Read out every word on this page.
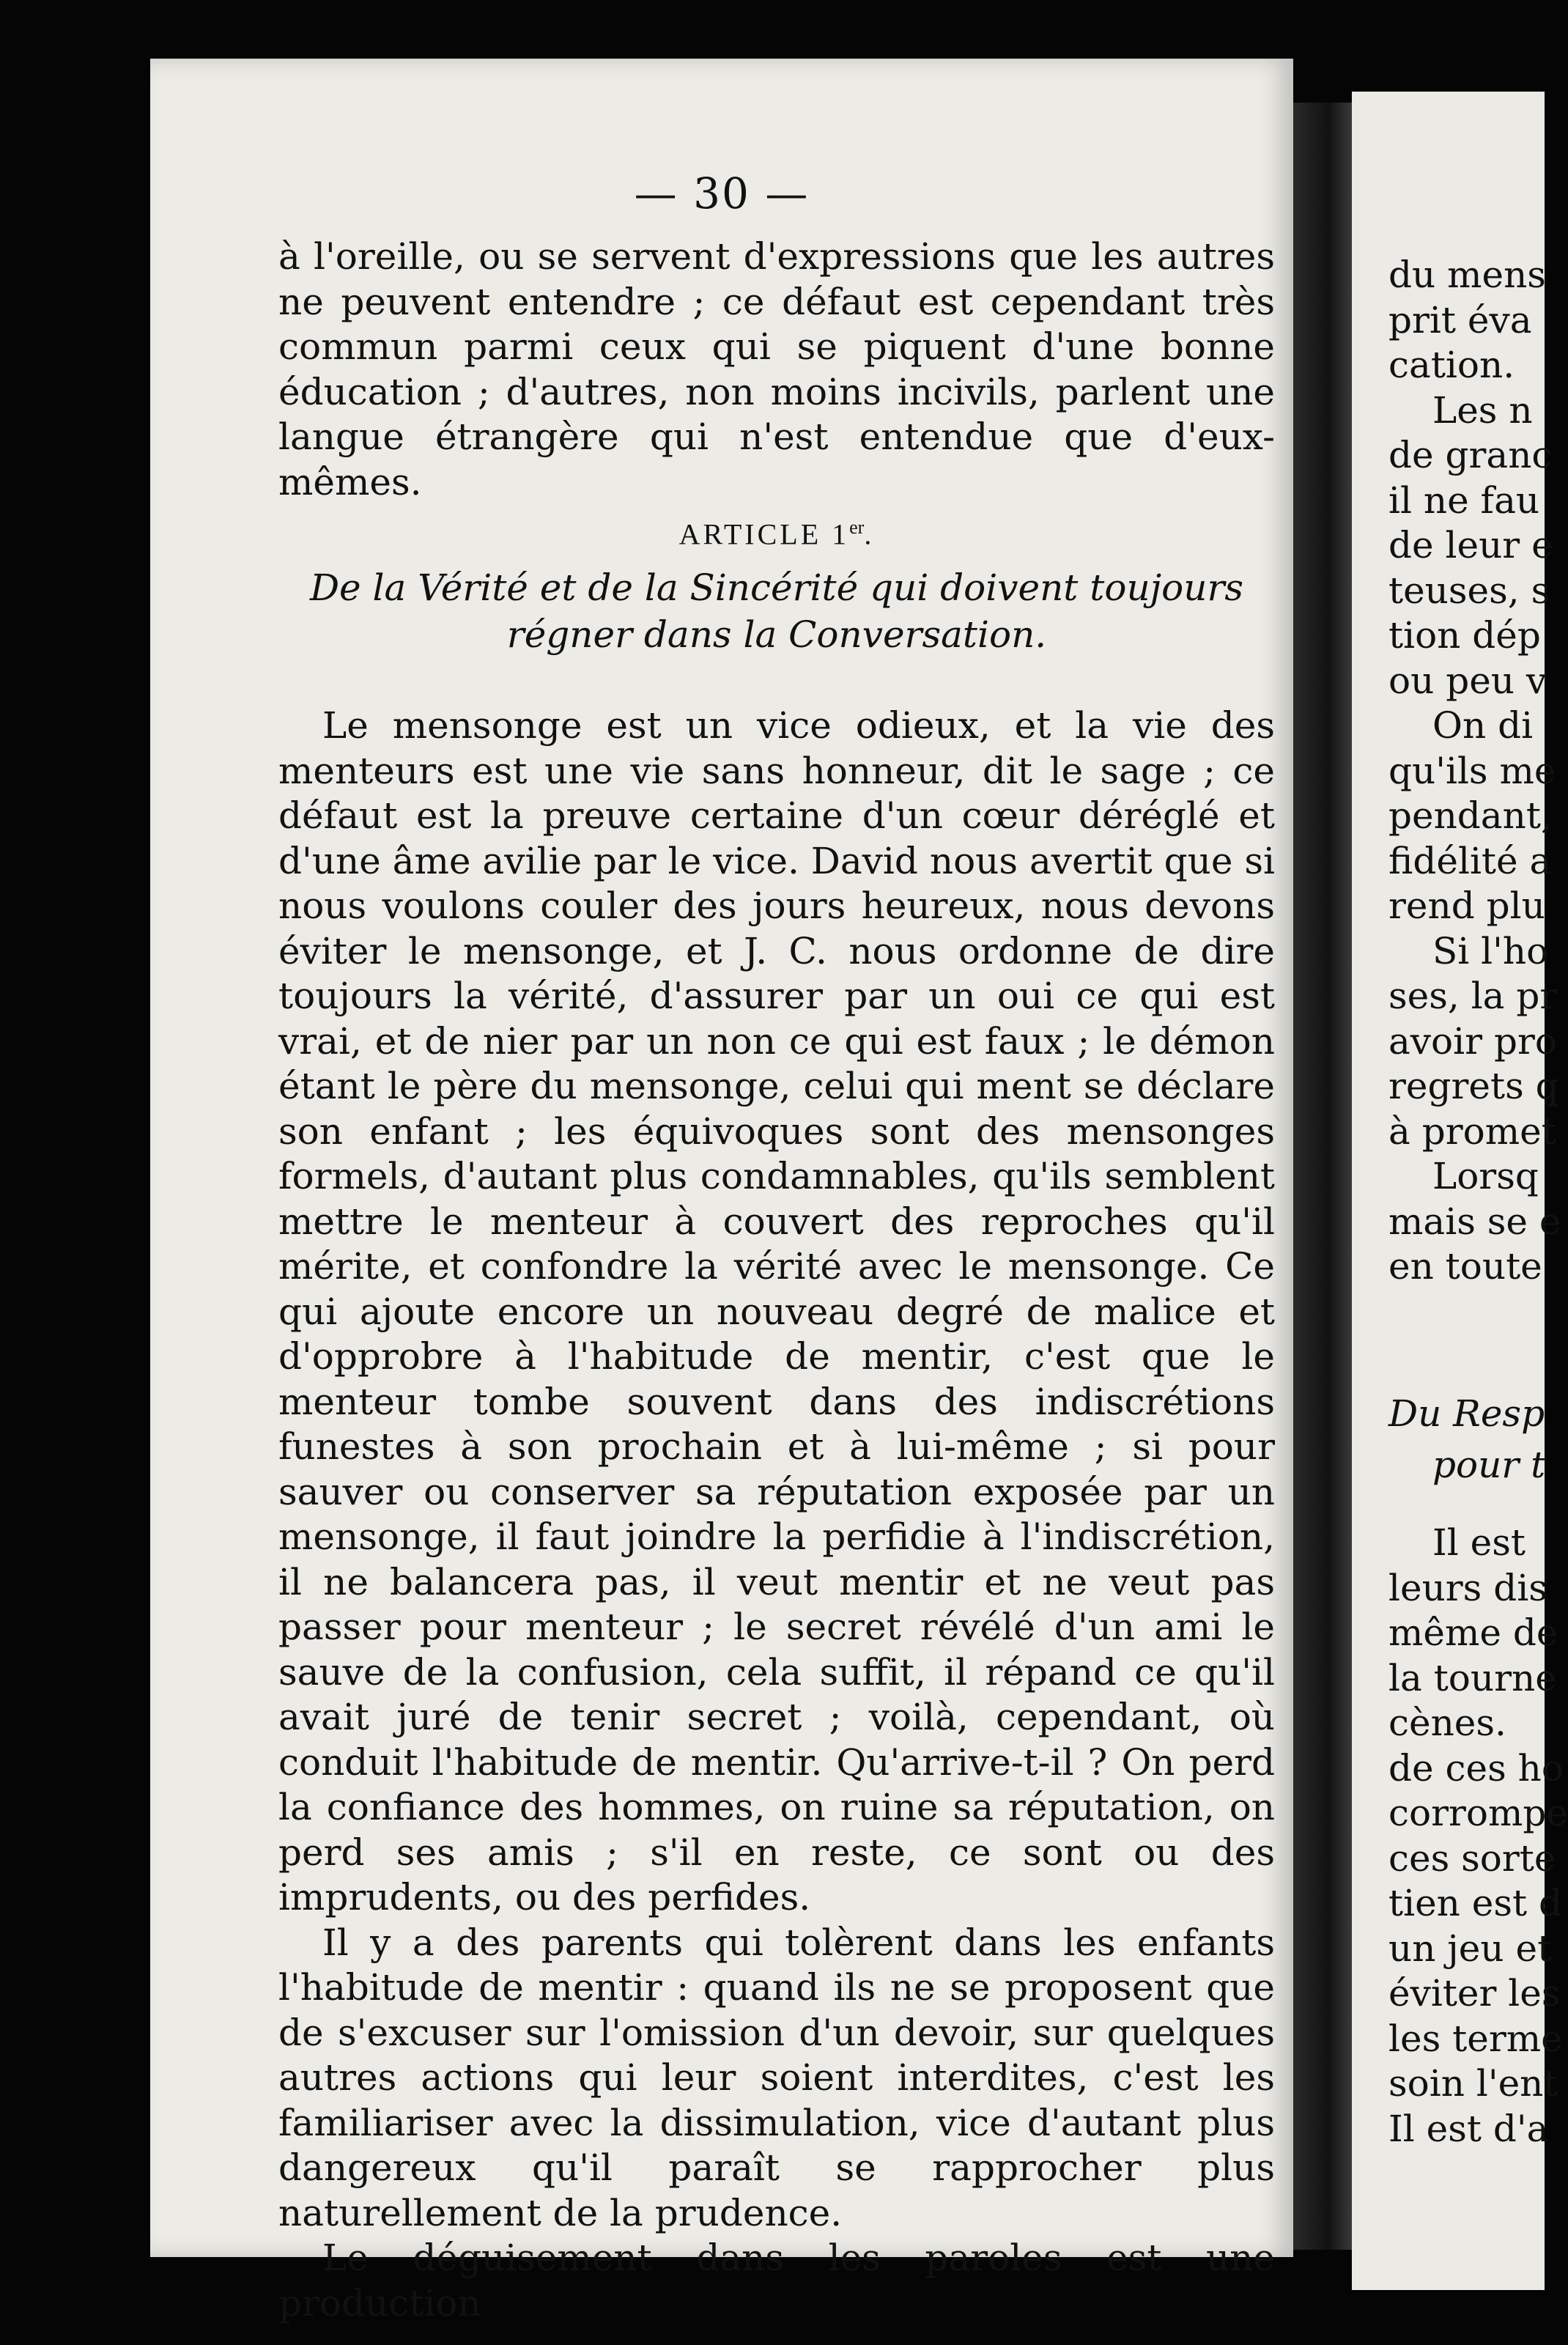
— 30 —

à l'oreille, ou se servent d'expressions que les autres ne peuvent entendre ; ce défaut est cependant très commun parmi ceux qui se piquent d'une bonne éducation ; d'autres, non moins incivils, parlent une langue étrangère qui n'est entendue que d'eux-mêmes.

ARTICLE 1er.
De la Vérité et de la Sincérité qui doivent toujours régner dans la Conversation.

Le mensonge est un vice odieux, et la vie des menteurs est une vie sans honneur, dit le sage ; ce défaut est la preuve certaine d'un cœur déréglé et d'une âme avilie par le vice. David nous avertit que si nous voulons couler des jours heureux, nous devons éviter le mensonge, et J. C. nous ordonne de dire toujours la vérité, d'assurer par un oui ce qui est vrai, et de nier par un non ce qui est faux ; le démon étant le père du mensonge, celui qui ment se déclare son enfant ; les équivoques sont des mensonges formels, d'autant plus condamnables, qu'ils semblent mettre le menteur à couvert des reproches qu'il mérite, et confondre la vérité avec le mensonge. Ce qui ajoute encore un nouveau degré de malice et d'opprobre à l'habitude de mentir, c'est que le menteur tombe souvent dans des indiscrétions funestes à son prochain et à lui-même ; si pour sauver ou conserver sa réputation exposée par un mensonge, il faut joindre la perfidie à l'indiscrétion, il ne balancera pas, il veut mentir et ne veut pas passer pour menteur ; le secret révélé d'un ami le sauve de la confusion, cela suffit, il répand ce qu'il avait juré de tenir secret ; voilà, cependant, où conduit l'habitude de mentir. Qu'arrive-t-il ? On perd la confiance des hommes, on ruine sa réputation, on perd ses amis ; s'il en reste, ce sont ou des imprudents, ou des perfides.

Il y a des parents qui tolèrent dans les enfants l'habitude de mentir : quand ils ne se proposent que de s'excuser sur l'omission d'un devoir, sur quelques autres actions qui leur soient interdites, c'est les familiariser avec la dissimulation, vice d'autant plus dangereux qu'il paraît se rapprocher plus naturellement de la prudence.

Le déguisement dans les paroles est une production

du mens
prit éva
cation.
Les n
de granc
il ne fau
de leur e
teuses, s
tion dép
ou peu v
On di
qu'ils me
pendant,
fidélité a
rend plu
Si l'ho
ses, la pr
avoir pro
regrets q
à promet
Lorsq
mais se e
en toute
Du Resp
pour t
Il est
leurs dis
même de
la tourne
cènes.
de ces ho
corrompe
ces sorte
tien est d
un jeu et
éviter les
les terme
soin l'ent
Il est d'a
